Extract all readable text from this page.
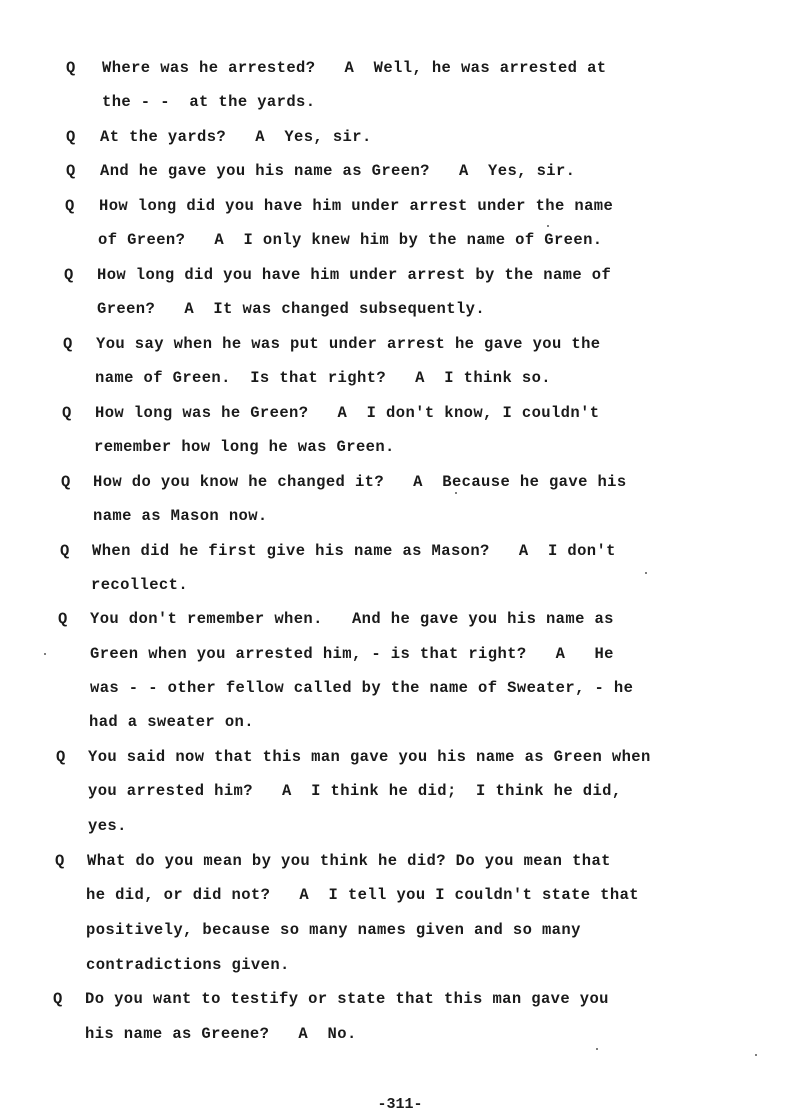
Q Where was he arrested?   A  Well, he was arrested at
the - -  at the yards.
Q At the yards?   A  Yes, sir.
Q And he gave you his name as Green?   A  Yes, sir.
Q How long did you have him under arrest under the name
of Green?   A  I only knew him by the name of Green.
Q How long did you have him under arrest by the name of
Green?   A  It was changed subsequently.
Q You say when he was put under arrest he gave you the
name of Green.  Is that right?   A  I think so.
Q How long was he Green?   A  I don't know, I couldn't
remember how long he was Green.
Q How do you know he changed it?   A  Because he gave his
name as Mason now.
Q When did he first give his name as Mason?   A  I don't
recollect.
Q You don't remember when.   And he gave you his name as
Green when you arrested him, - is that right?   A   He
was - - other fellow called by the name of Sweater, - he
had a sweater on.
Q You said now that this man gave you his name as Green when
you arrested him?   A  I think he did;  I think he did,
yes.
Q What do you mean by you think he did? Do you mean that
he did, or did not?   A  I tell you I couldn't state that
positively, because so many names given and so many
contradictions given.
Q Do you want to testify or state that this man gave you
his name as Greene?   A  No.
-311-
